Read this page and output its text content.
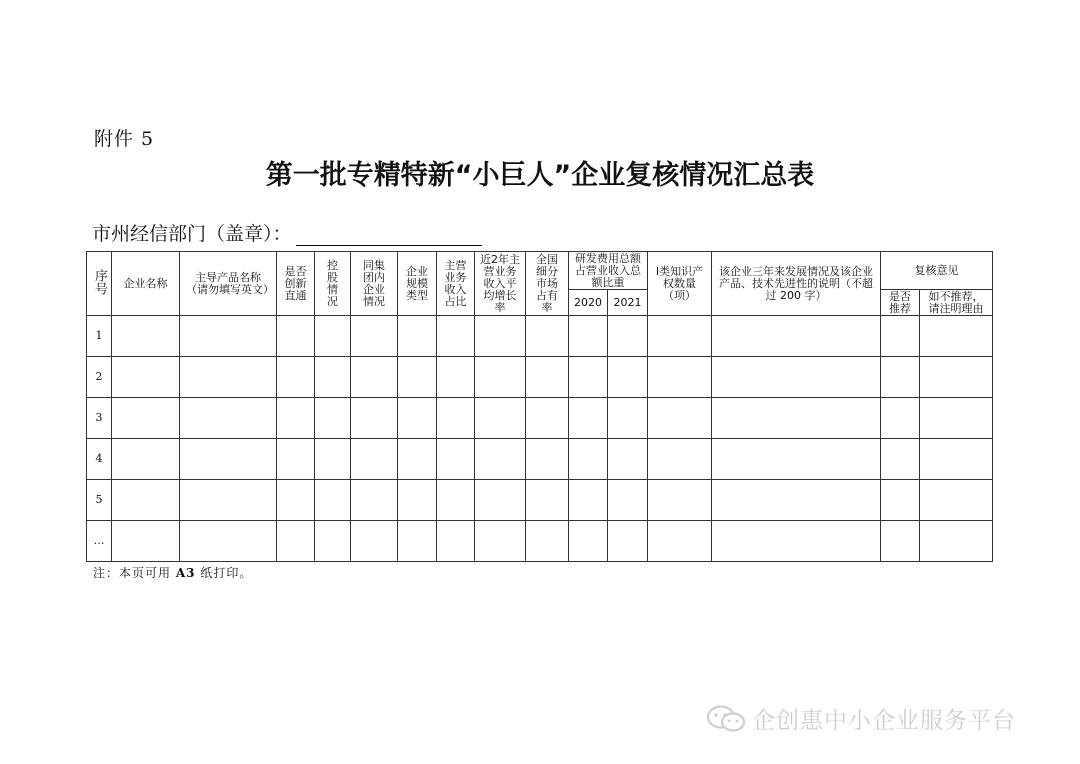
附件 5
第一批专精特新“小巨人”企业复核情况汇总表
市州经信部门（盖章）：
序号	企业名称	主导产品名称（请勿填写英文）	是否创新直通	控股情况	同集团内企业情况	企业规模类型	主营业务收入占比	近2年主营业务收入平均增长率	全国细分市场占有率	研发费用总额占营业收入总额比重		Ⅰ类知识产权数量（项）	该企业三年来发展情况及该企业产品、技术先进性的说明（不超过 200 字）	复核意见	
										2020	2021			是否推荐	如不推荐，请注明理由
1															
2															
3															
4															
5															
…															
注：本页可用 A3 纸打印。
企创惠中小企业服务平台
